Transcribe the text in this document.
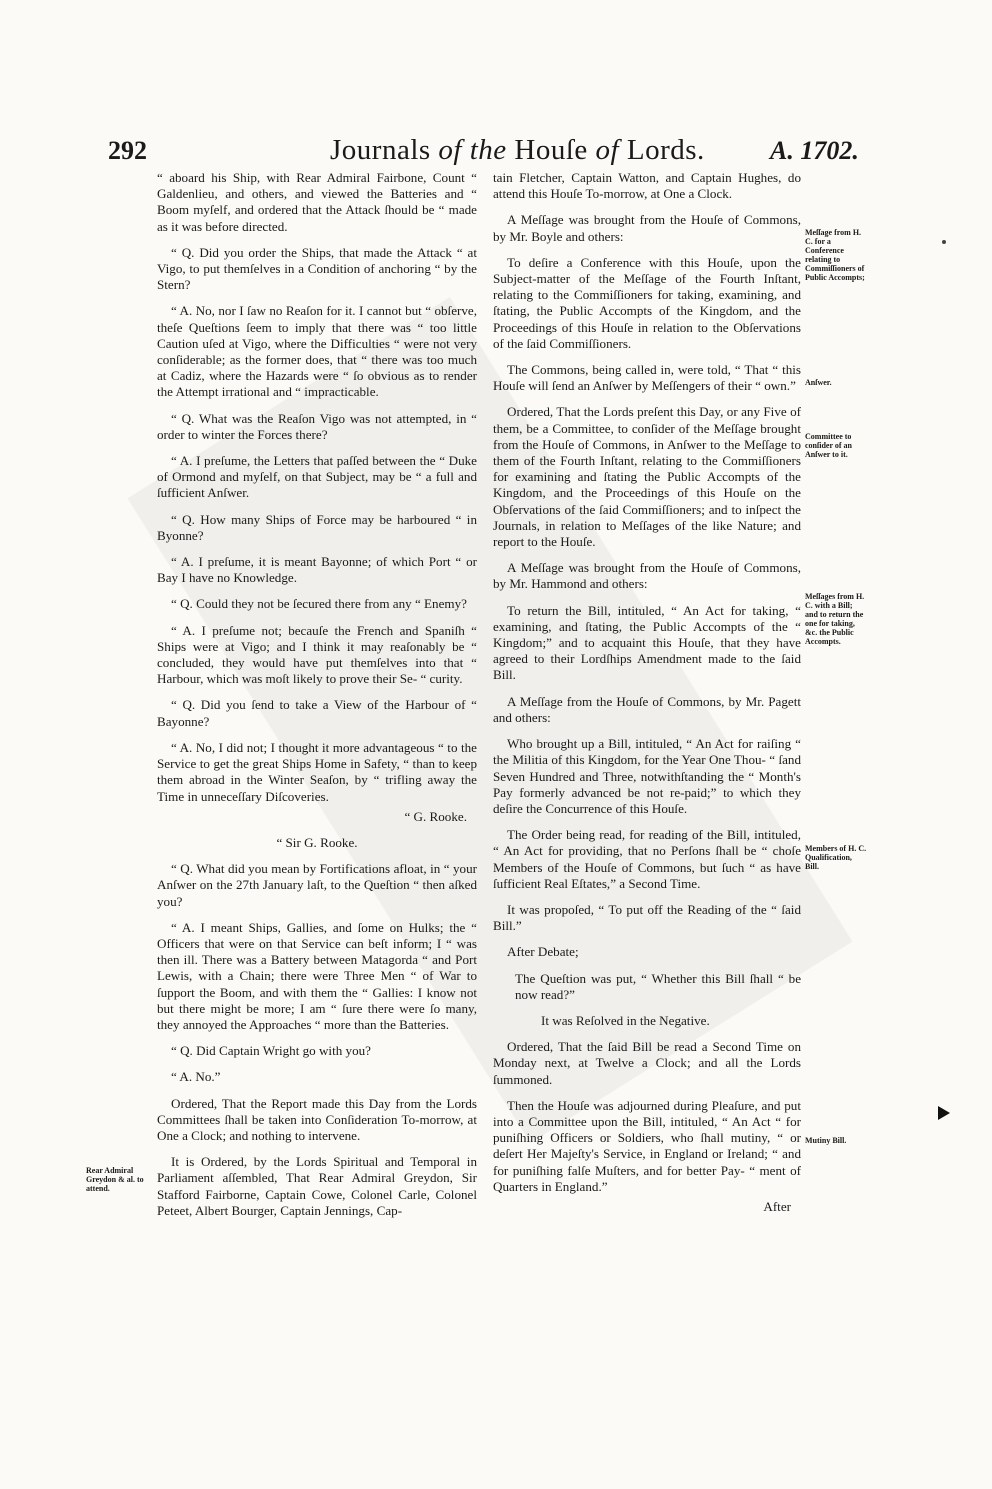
292	Journals of the Houſe of Lords.	A. 1702.

“ aboard his Ship, with Rear Admiral Fairbone, Count “ Galdenlieu, and others, and viewed the Batteries and “ Boom myſelf, and ordered that the Attack ſhould be “ made as it was before directed.

“ Q. Did you order the Ships, that made the Attack “ at Vigo, to put themſelves in a Condition of anchoring “ by the Stern?

“ A. No, nor I ſaw no Reaſon for it. I cannot but “ obſerve, theſe Queſtions ſeem to imply that there was “ too little Caution uſed at Vigo, where the Difficulties “ were not very conſiderable; as the former does, that “ there was too much at Cadiz, where the Hazards were “ ſo obvious as to render the Attempt irrational and “ impracticable.

“ Q. What was the Reaſon Vigo was not attempted, in “ order to winter the Forces there?

“ A. I preſume, the Letters that paſſed between the “ Duke of Ormond and myſelf, on that Subject, may be “ a full and ſufficient Anſwer.

“ Q. How many Ships of Force may be harboured “ in Byonne?

“ A. I preſume, it is meant Bayonne; of which Port “ or Bay I have no Knowledge.

“ Q. Could they not be ſecured there from any “ Enemy?

“ A. I preſume not; becauſe the French and Spaniſh “ Ships were at Vigo; and I think it may reaſonably be “ concluded, they would have put themſelves into that “ Harbour, which was moſt likely to prove their Se- “ curity.

“ Q. Did you ſend to take a View of the Harbour of “ Bayonne?

“ A. No, I did not; I thought it more advantageous “ to the Service to get the great Ships Home in Safety, “ than to keep them abroad in the Winter Seaſon, by “ trifling away the Time in unneceſſary Diſcoveries.

“ G. Rooke.

“ Sir G. Rooke.

“ Q. What did you mean by Fortifications afloat, in “ your Anſwer on the 27th January laſt, to the Queſtion “ then aſked you?

“ A. I meant Ships, Gallies, and ſome on Hulks; the “ Officers that were on that Service can beſt inform; I “ was then ill. There was a Battery between Matagorda “ and Port Lewis, with a Chain; there were Three Men “ of War to ſupport the Boom, and with them the “ Gallies: I know not but there might be more; I am “ ſure there were ſo many, they annoyed the Approaches “ more than the Batteries.

“ Q. Did Captain Wright go with you?

“ A. No.”

Ordered, That the Report made this Day from the Lords Committees ſhall be taken into Conſideration To-morrow, at One a Clock; and nothing to intervene.

It is Ordered, by the Lords Spiritual and Temporal in Parliament aſſembled, That Rear Admiral Greydon, Sir Stafford Fairborne, Captain Cowe, Colonel Carle, Colonel Peteet, Albert Bourger, Captain Jennings, Cap-

tain Fletcher, Captain Watton, and Captain Hughes, do attend this Houſe To-morrow, at One a Clock.

A Meſſage was brought from the Houſe of Commons, by Mr. Boyle and others:

To deſire a Conference with this Houſe, upon the Subject-matter of the Meſſage of the Fourth Inſtant, relating to the Commiſſioners for taking, examining, and ſtating, the Public Accompts of the Kingdom, and the Proceedings of this Houſe in relation to the Obſervations of the ſaid Commiſſioners.

The Commons, being called in, were told, “ That “ this Houſe will ſend an Anſwer by Meſſengers of their “ own.”

Ordered, That the Lords preſent this Day, or any Five of them, be a Committee, to conſider of the Meſſage brought from the Houſe of Commons, in Anſwer to the Meſſage to them of the Fourth Inſtant, relating to the Commiſſioners for examining and ſtating the Public Accompts of the Kingdom, and the Proceedings of this Houſe on the Obſervations of the ſaid Commiſſioners; and to inſpect the Journals, in relation to Meſſages of the like Nature; and report to the Houſe.

A Meſſage was brought from the Houſe of Commons, by Mr. Hammond and others:

To return the Bill, intituled, “ An Act for taking, “ examining, and ſtating, the Public Accompts of the “ Kingdom;” and to acquaint this Houſe, that they have agreed to their Lordſhips Amendment made to the ſaid Bill.

A Meſſage from the Houſe of Commons, by Mr. Pagett and others:

Who brought up a Bill, intituled, “ An Act for raiſing “ the Militia of this Kingdom, for the Year One Thou- “ ſand Seven Hundred and Three, notwithſtanding the “ Month's Pay formerly advanced be not re-paid;” to which they deſire the Concurrence of this Houſe.

The Order being read, for reading of the Bill, intituled, “ An Act for providing, that no Perſons ſhall be “ choſe Members of the Houſe of Commons, but ſuch “ as have ſufficient Real Eſtates,” a Second Time.

It was propoſed, “ To put off the Reading of the “ ſaid Bill.”

After Debate;

The Queſtion was put, “ Whether this Bill ſhall “ be now read?”

It was Reſolved in the Negative.

Ordered, That the ſaid Bill be read a Second Time on Monday next, at Twelve a Clock; and all the Lords ſummoned.

Then the Houſe was adjourned during Pleaſure, and put into a Committee upon the Bill, intituled, “ An Act “ for puniſhing Officers or Soldiers, who ſhall mutiny, “ or deſert Her Majeſty's Service, in England or Ireland; “ and for puniſhing falſe Muſters, and for better Pay- “ ment of Quarters in England.”

After

Rear Admiral Greydon & al. to attend.
Meſſage from H. C. for a Conference relating to Commiſſioners of Public Accompts;
Anſwer.
Committee to conſider of an Anſwer to it.
Meſſages from H. C. with a Bill; and to return the one for taking, &c. the Public Accompts.
Members of H. C. Qualification, Bill.
Mutiny Bill.
